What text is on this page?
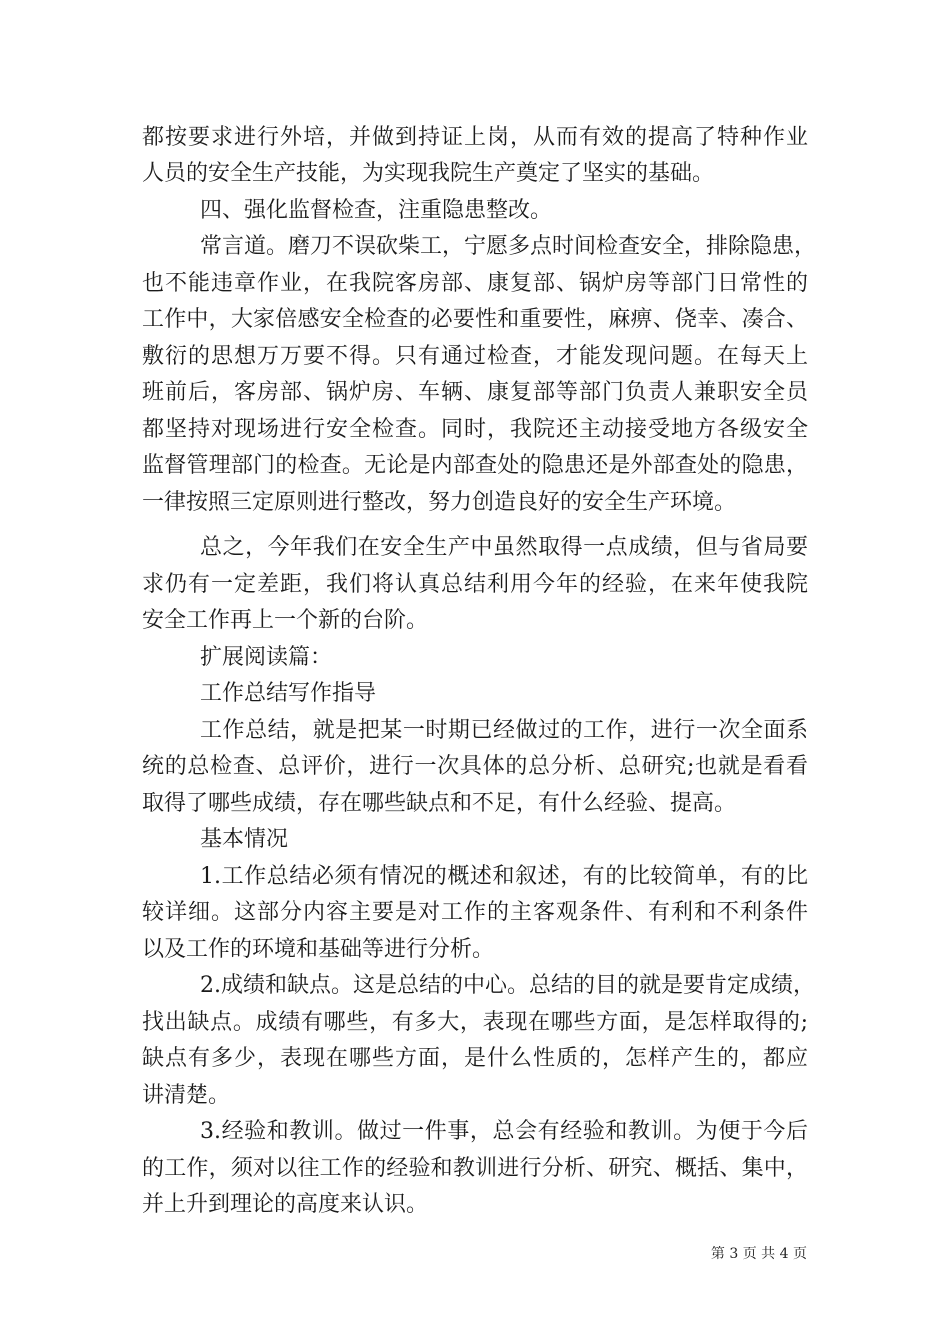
都按要求进行外培，并做到持证上岗，从而有效的提高了特种作业
人员的安全生产技能，为实现我院生产奠定了坚实的基础。
四、强化监督检查，注重隐患整改。
常言道。磨刀不误砍柴工，宁愿多点时间检查安全，排除隐患，
也不能违章作业，在我院客房部、康复部、锅炉房等部门日常性的
工作中，大家倍感安全检查的必要性和重要性，麻痹、侥幸、凑合、
敷衍的思想万万要不得。只有通过检查，才能发现问题。在每天上
班前后，客房部、锅炉房、车辆、康复部等部门负责人兼职安全员
都坚持对现场进行安全检查。同时，我院还主动接受地方各级安全
监督管理部门的检查。无论是内部查处的隐患还是外部查处的隐患，
一律按照三定原则进行整改，努力创造良好的安全生产环境。
总之，今年我们在安全生产中虽然取得一点成绩，但与省局要
求仍有一定差距，我们将认真总结利用今年的经验，在来年使我院
安全工作再上一个新的台阶。
扩展阅读篇：
工作总结写作指导
工作总结，就是把某一时期已经做过的工作，进行一次全面系
统的总检查、总评价，进行一次具体的总分析、总研究;也就是看看
取得了哪些成绩，存在哪些缺点和不足，有什么经验、提高。
基本情况
1.工作总结必须有情况的概述和叙述，有的比较简单，有的比
较详细。这部分内容主要是对工作的主客观条件、有利和不利条件
以及工作的环境和基础等进行分析。
2.成绩和缺点。这是总结的中心。总结的目的就是要肯定成绩，
找出缺点。成绩有哪些，有多大，表现在哪些方面，是怎样取得的;
缺点有多少，表现在哪些方面，是什么性质的，怎样产生的，都应
讲清楚。
3.经验和教训。做过一件事，总会有经验和教训。为便于今后
的工作，须对以往工作的经验和教训进行分析、研究、概括、集中，
并上升到理论的高度来认识。
第 3 页 共 4 页
